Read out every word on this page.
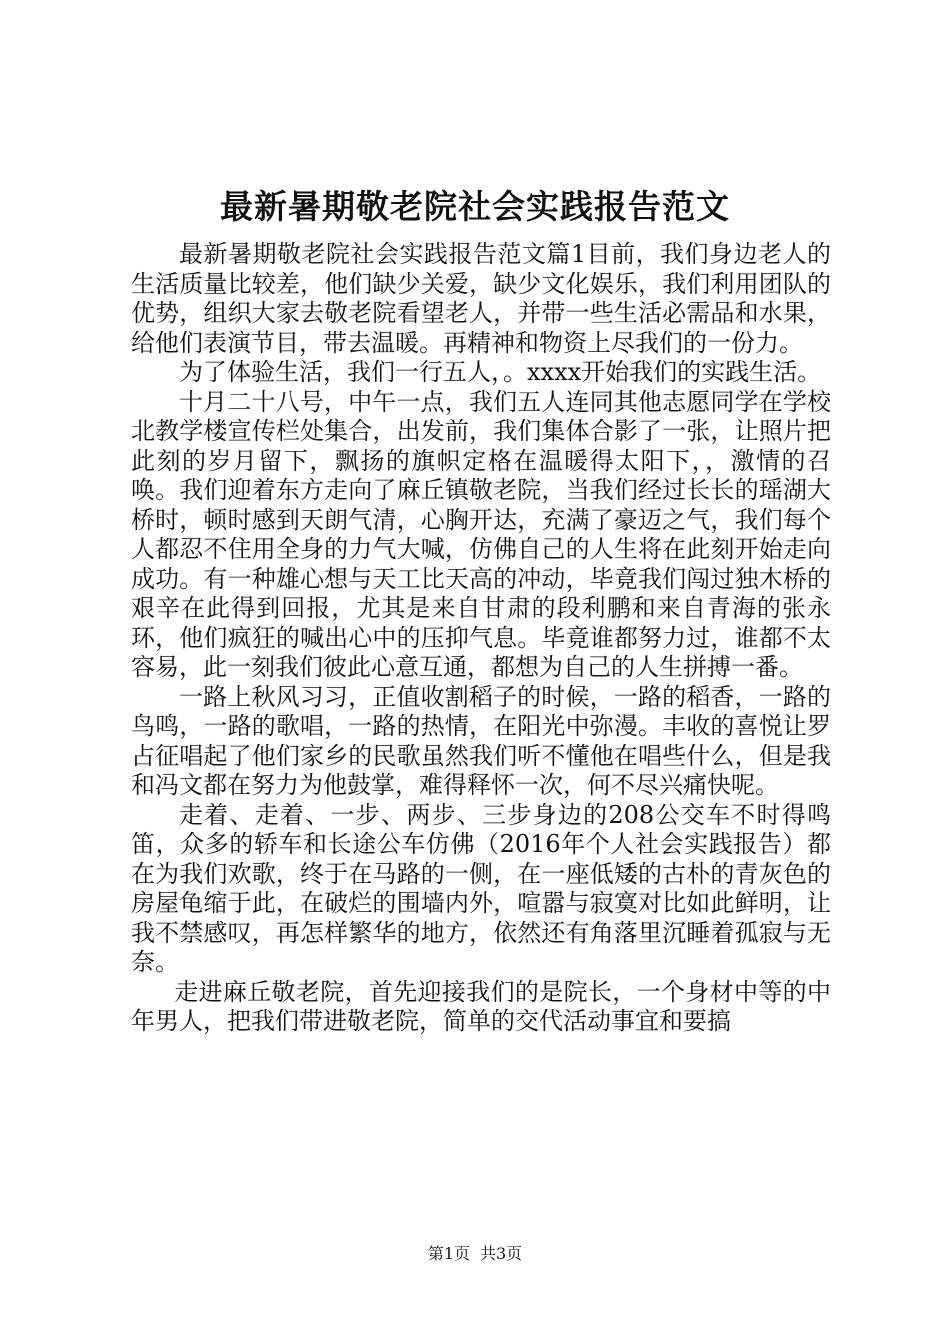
最新暑期敬老院社会实践报告范文

最新暑期敬老院社会实践报告范文篇1目前，我们身边老人的生活质量比较差，他们缺少关爱，缺少文化娱乐，我们利用团队的优势，组织大家去敬老院看望老人，并带一些生活必需品和水果，给他们表演节目，带去温暖。再精神和物资上尽我们的一份力。

为了体验生活，我们一行五人，。xxxx开始我们的实践生活。

十月二十八号，中午一点，我们五人连同其他志愿同学在学校北教学楼宣传栏处集合，出发前，我们集体合影了一张，让照片把此刻的岁月留下，飘扬的旗帜定格在温暖得太阳下，，激情的召唤。我们迎着东方走向了麻丘镇敬老院，当我们经过长长的瑶湖大桥时，顿时感到天朗气清，心胸开达，充满了豪迈之气，我们每个人都忍不住用全身的力气大喊，仿佛自己的人生将在此刻开始走向成功。有一种雄心想与天工比天高的冲动，毕竟我们闯过独木桥的艰辛在此得到回报，尤其是来自甘肃的段利鹏和来自青海的张永环，他们疯狂的喊出心中的压抑气息。毕竟谁都努力过，谁都不太容易，此一刻我们彼此心意互通，都想为自己的人生拼搏一番。

一路上秋风习习，正值收割稻子的时候，一路的稻香，一路的鸟鸣，一路的歌唱，一路的热情，在阳光中弥漫。丰收的喜悦让罗占征唱起了他们家乡的民歌虽然我们听不懂他在唱些什么，但是我和冯文都在努力为他鼓掌，难得释怀一次，何不尽兴痛快呢。

走着、走着、一步、两步、三步身边的208公交车不时得鸣笛，众多的轿车和长途公车仿佛（2016年个人社会实践报告）都在为我们欢歌，终于在马路的一侧，在一座低矮的古朴的青灰色的房屋龟缩于此，在破烂的围墙内外，喧嚣与寂寞对比如此鲜明，让我不禁感叹，再怎样繁华的地方，依然还有角落里沉睡着孤寂与无奈。

走进麻丘敬老院，首先迎接我们的是院长，一个身材中等的中年男人，把我们带进敬老院，简单的交代活动事宜和要搞

第1页 共3页
